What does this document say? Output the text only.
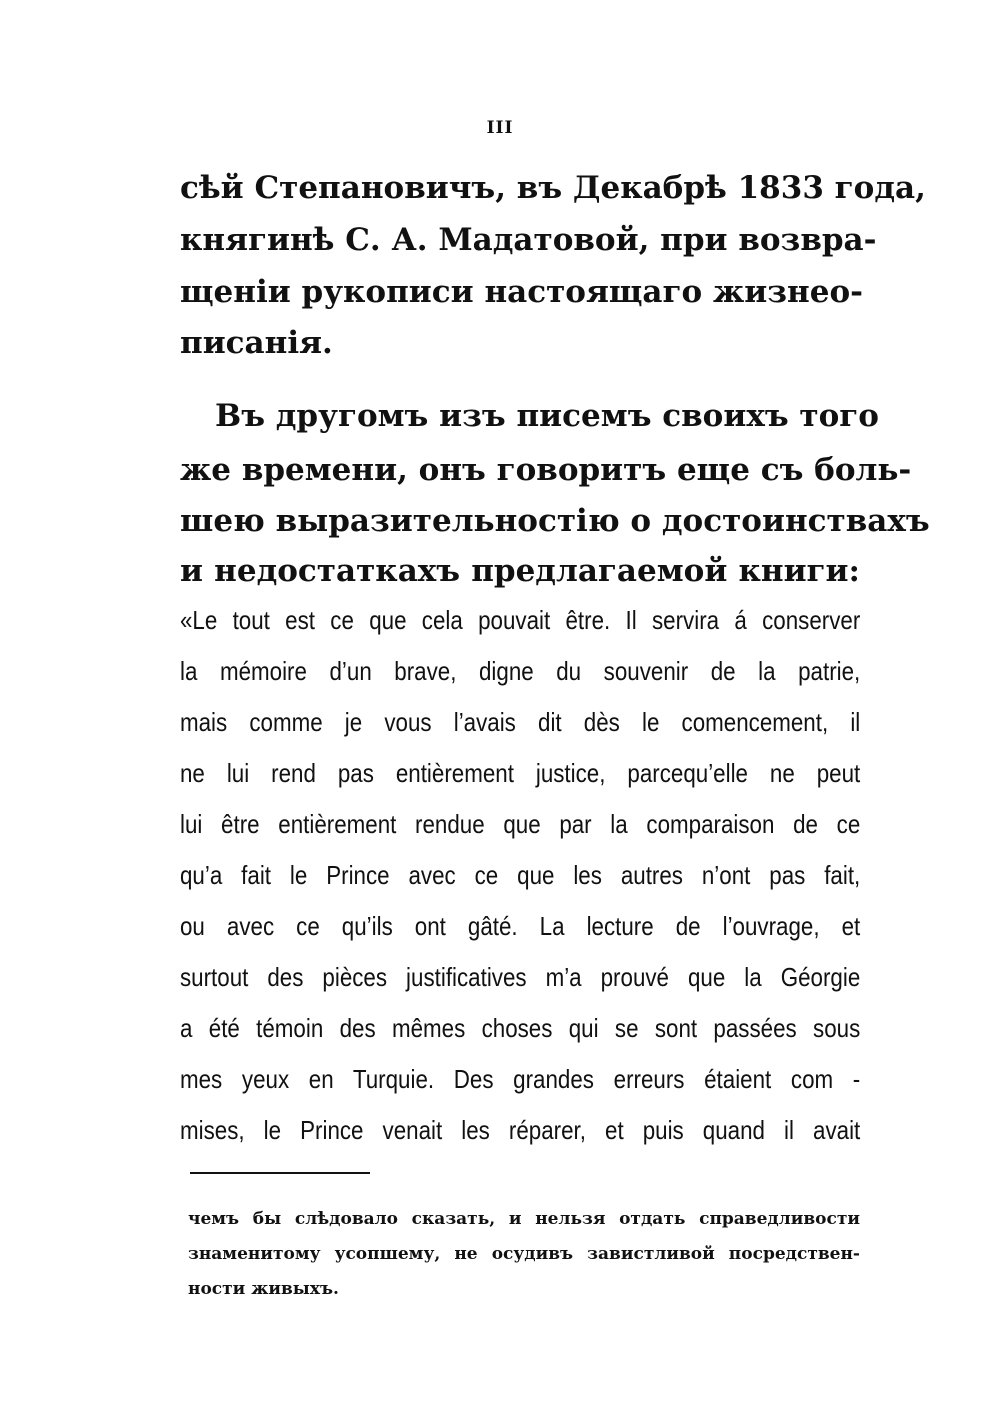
III
сѣй Степановичъ, въ Декабрѣ 1833 года,
княгинѣ С. А. Мадатовой, при возвра-
щеніи рукописи настоящаго жизнео-
писанія.
Въ другомъ изъ писемъ своихъ того
же времени, онъ говоритъ еще съ боль-
шею выразительностію о достоинствахъ
и недостаткахъ предлагаемой книги:
«Le tout est ce que cela pouvait être. Il servira á conserver
la mémoire d’un brave, digne du souvenir de la patrie,
mais comme je vous l’avais dit dès le comencement, il
ne lui rend pas entièrement justice, parcequ’elle ne peut
lui être entièrement rendue que par la comparaison de ce
qu’a fait le Prince avec ce que les autres n’ont pas fait,
ou avec ce qu’ils ont gâté. La lecture de l’ouvrage, et
surtout des pièces justificatives m’a prouvé que la Géorgie
a été témoin des mêmes choses qui se sont passées sous
mes yeux en Turquie. Des grandes erreurs étaient com -
mises, le Prince venait les réparer, et puis quand il avait
чемъ бы слѣдовало сказать, и нельзя отдать справедливости
знаменитому усопшему, не осудивъ завистливой посредствен-
ности живыхъ.
